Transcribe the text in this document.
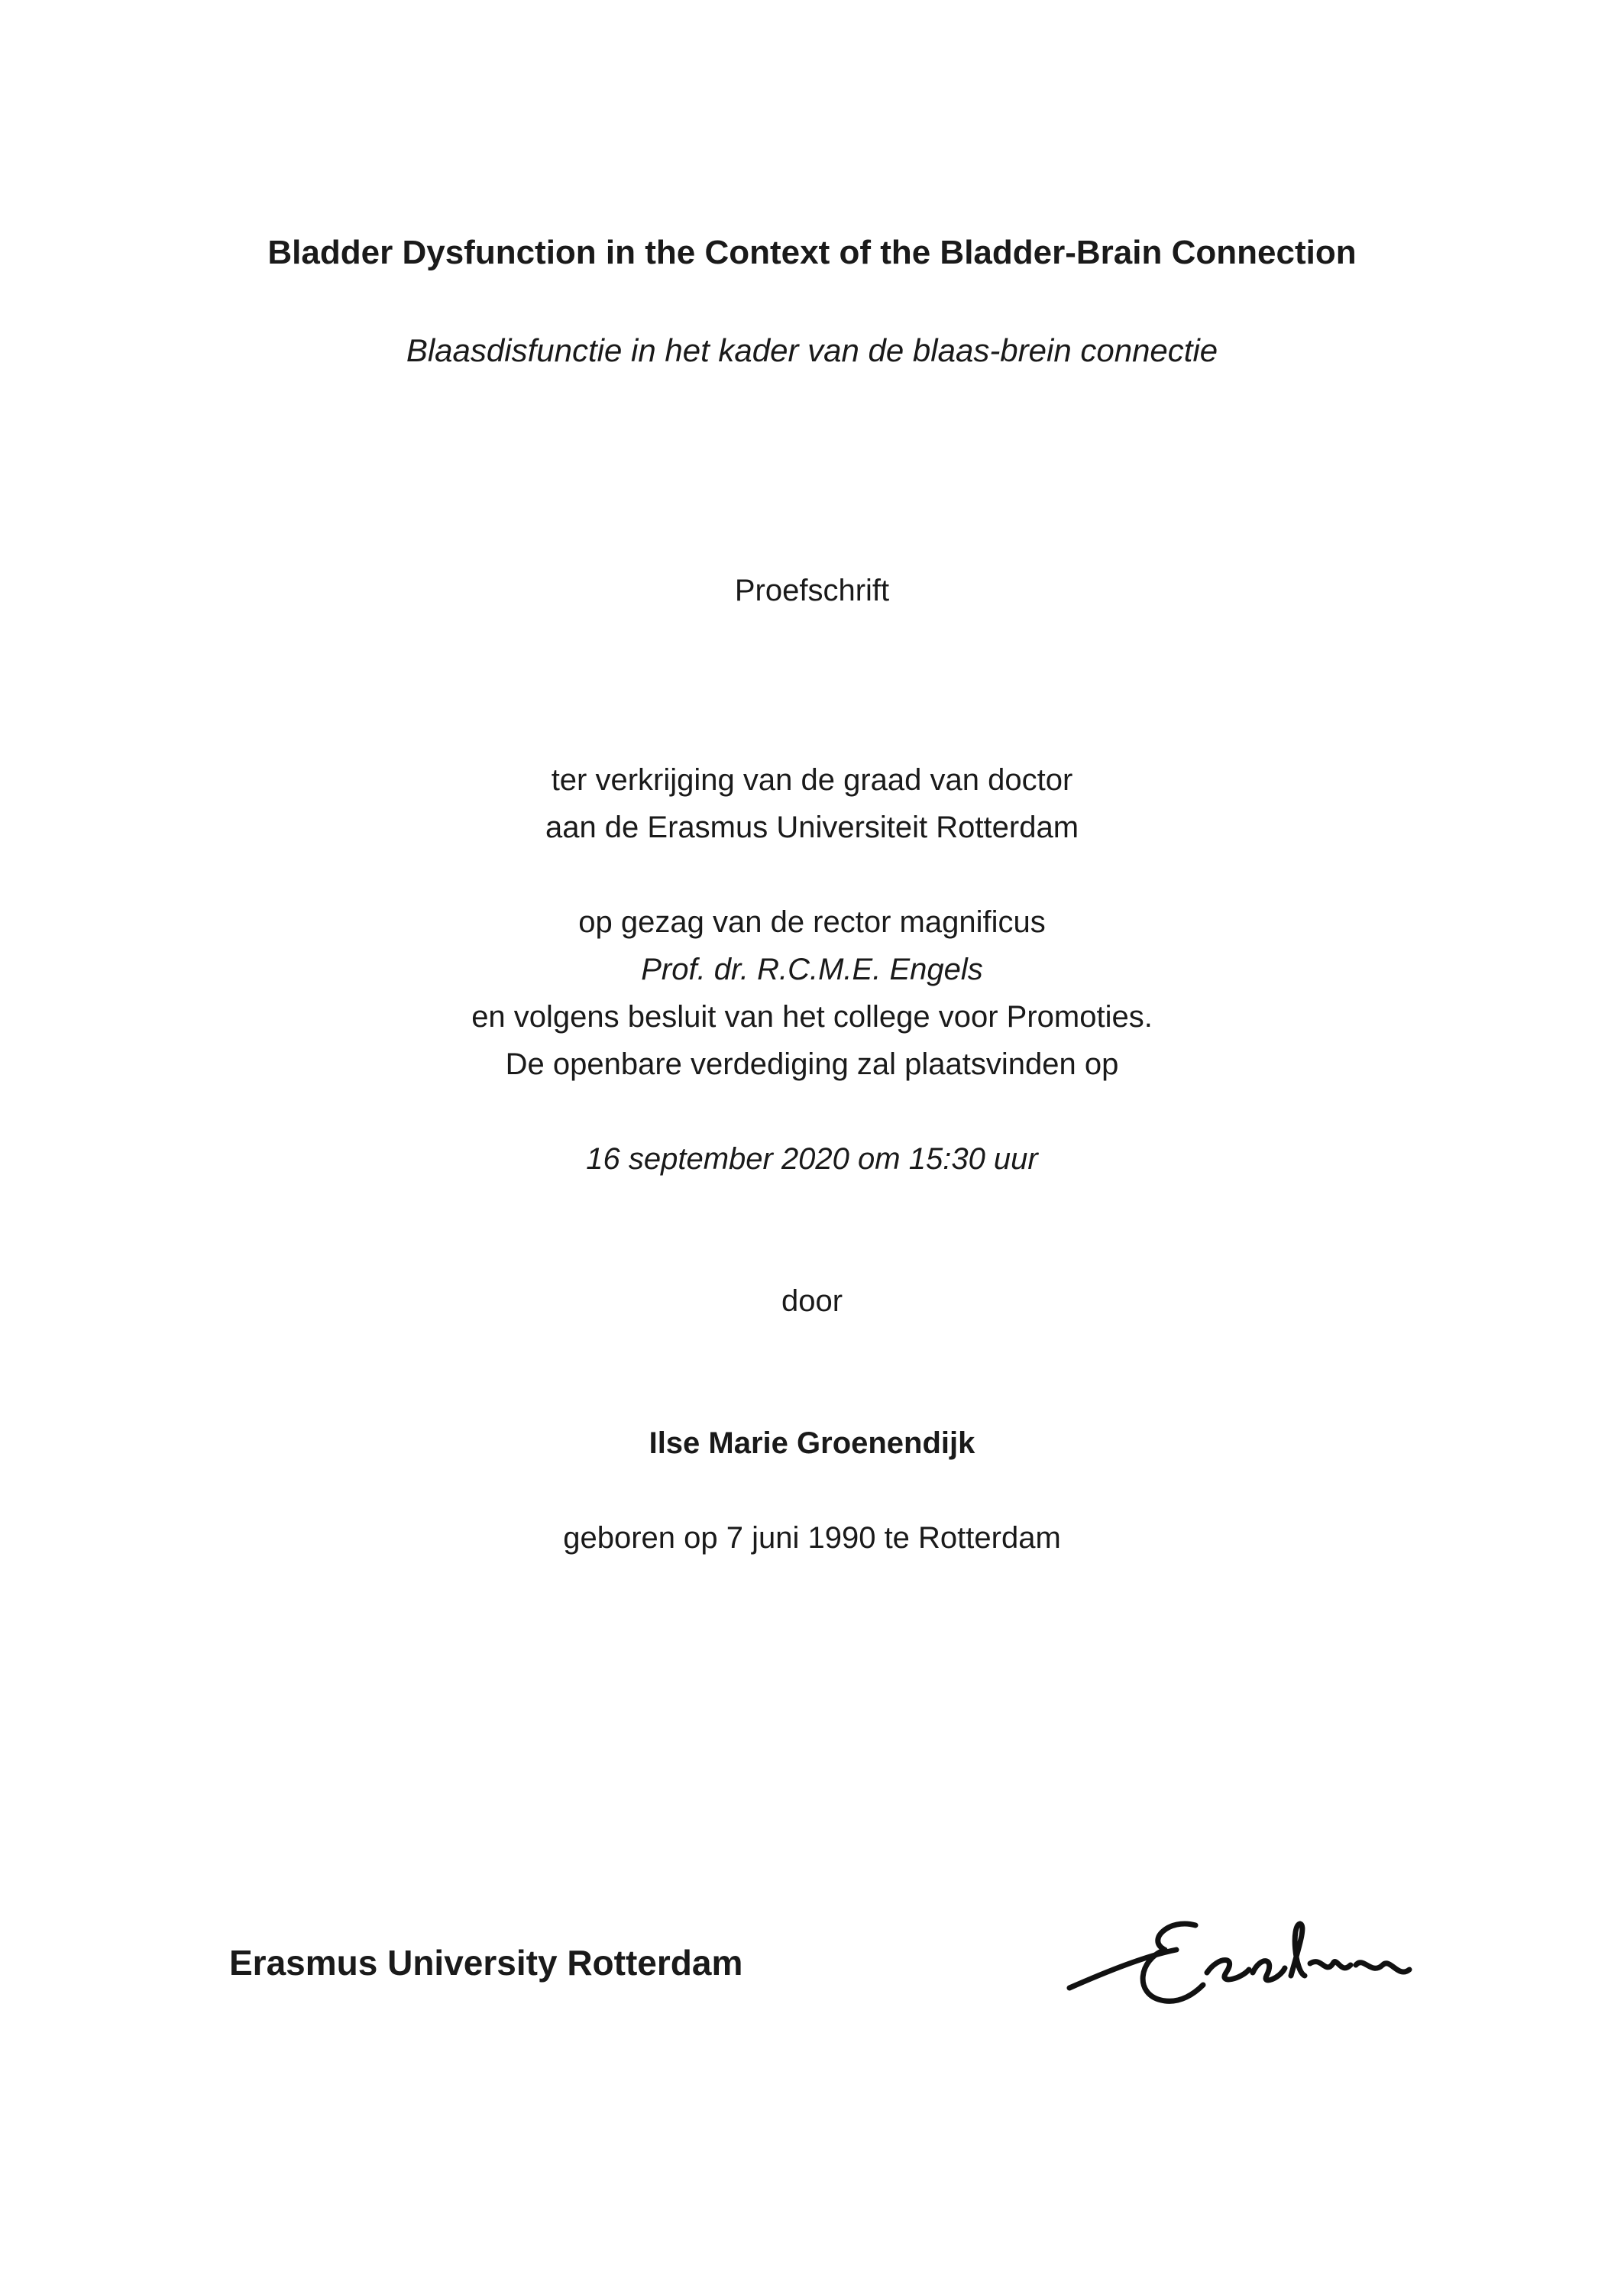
Bladder Dysfunction in the Context of the Bladder-Brain Connection
Blaasdisfunctie in het kader van de blaas-brein connectie
Proefschrift
ter verkrijging van de graad van doctor
aan de Erasmus Universiteit Rotterdam
op gezag van de rector magnificus
Prof. dr. R.C.M.E. Engels
en volgens besluit van het college voor Promoties.
De openbare verdediging zal plaatsvinden op
16 september 2020 om 15:30 uur
door
Ilse Marie Groenendijk
geboren op 7 juni 1990 te Rotterdam
Erasmus University Rotterdam
